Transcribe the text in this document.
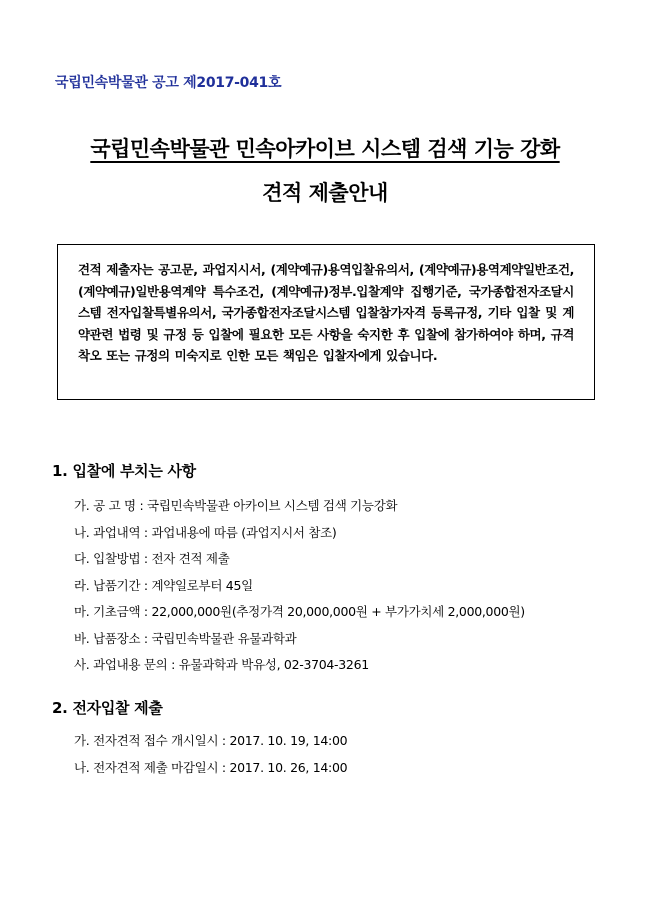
국립민속박물관 공고 제2017-041호
국립민속박물관 민속아카이브 시스템 검색 기능 강화
견적 제출안내

견적 제출자는 공고문, 과업지시서, (계약예규)용역입찰유의서, (계약예규)용역계약일반조건, (계약예규)일반용역계약 특수조건, (계약예규)정부.입찰계약 집행기준, 국가종합전자조달시스템 전자입찰특별유의서, 국가종합전자조달시스템 입찰참가자격 등록규정, 기타 입찰 및 계약관련 법령 및 규정 등 입찰에 필요한 모든 사항을 숙지한 후 입찰에 참가하여야 하며, 규격 착오 또는 규정의 미숙지로 인한 모든 책임은 입찰자에게 있습니다.

1. 입찰에 부치는 사항
가. 공 고 명 : 국립민속박물관 아카이브 시스템 검색 기능강화
나. 과업내역 : 과업내용에 따름 (과업지시서 참조)
다. 입찰방법 : 전자 견적 제출
라. 납품기간 : 계약일로부터 45일
마. 기초금액 : 22,000,000원(추정가격 20,000,000원 + 부가가치세 2,000,000원)
바. 납품장소 : 국립민속박물관 유물과학과
사. 과업내용 문의 : 유물과학과 박유성, 02-3704-3261
2. 전자입찰 제출
가. 전자견적 접수 개시일시 : 2017. 10. 19, 14:00
나. 전자견적 제출 마감일시 : 2017. 10. 26, 14:00
